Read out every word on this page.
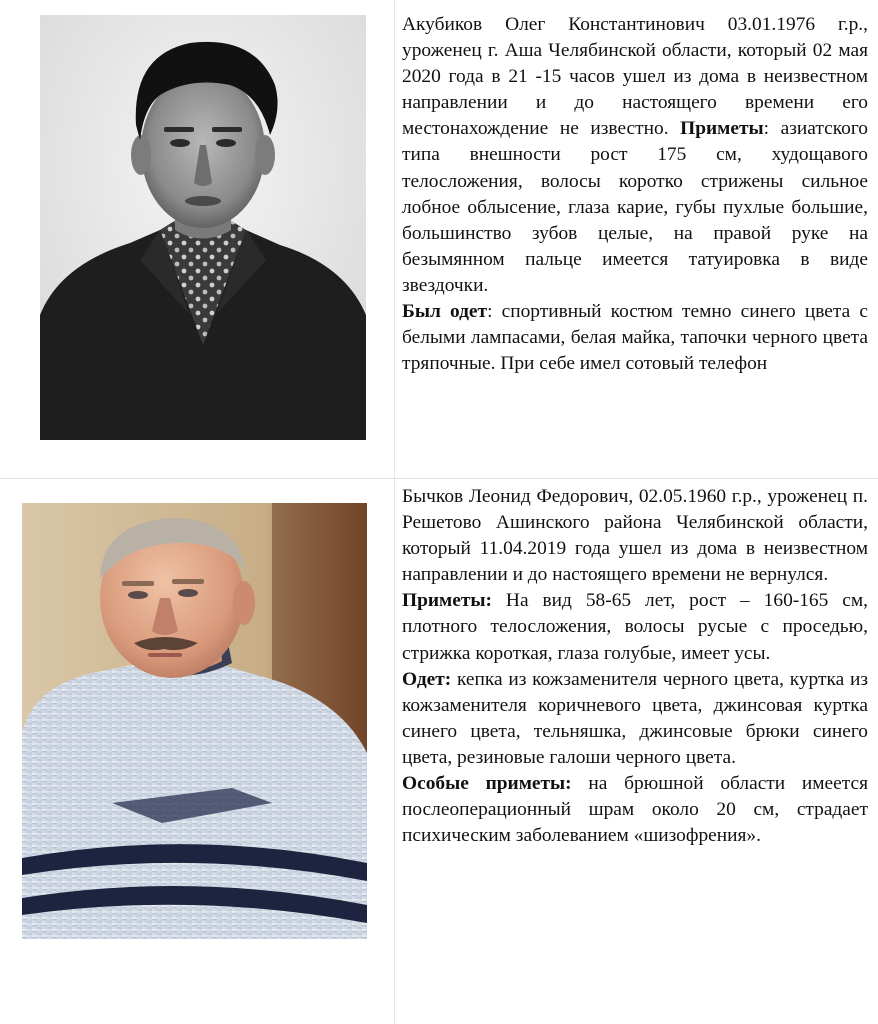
Акубиков Олег Константинович 03.01.1976 г.р., уроженец г. Аша Челябинской области, который 02 мая 2020 года в 21 -15 часов ушел из дома в неизвестном направлении и до настоящего времени его местонахождение не известно. Приметы: азиатского типа внешности рост 175 см, худощавого телосложения, волосы коротко стрижены сильное лобное облысение, глаза карие, губы пухлые большие, большинство зубов целые, на правой руке на безымянном пальце имеется татуировка в виде звездочки.

Был одет: спортивный костюм темно синего цвета с белыми лампасами, белая майка, тапочки черного цвета тряпочные. При себе имел сотовый телефон

Бычков Леонид Федорович, 02.05.1960 г.р., уроженец п. Решетово Ашинского района Челябинской области, который 11.04.2019 года ушел из дома в неизвестном направлении и до настоящего времени не вернулся.

Приметы: На вид 58-65 лет, рост – 160-165 см, плотного телосложения, волосы русые с проседью, стрижка короткая, глаза голубые, имеет усы.

Одет: кепка из кожзаменителя черного цвета, куртка из кожзаменителя коричневого цвета, джинсовая куртка синего цвета, тельняшка, джинсовые брюки синего цвета, резиновые галоши черного цвета.

Особые приметы: на брюшной области имеется послеоперационный шрам около 20 см, страдает психическим заболеванием «шизофрения».
